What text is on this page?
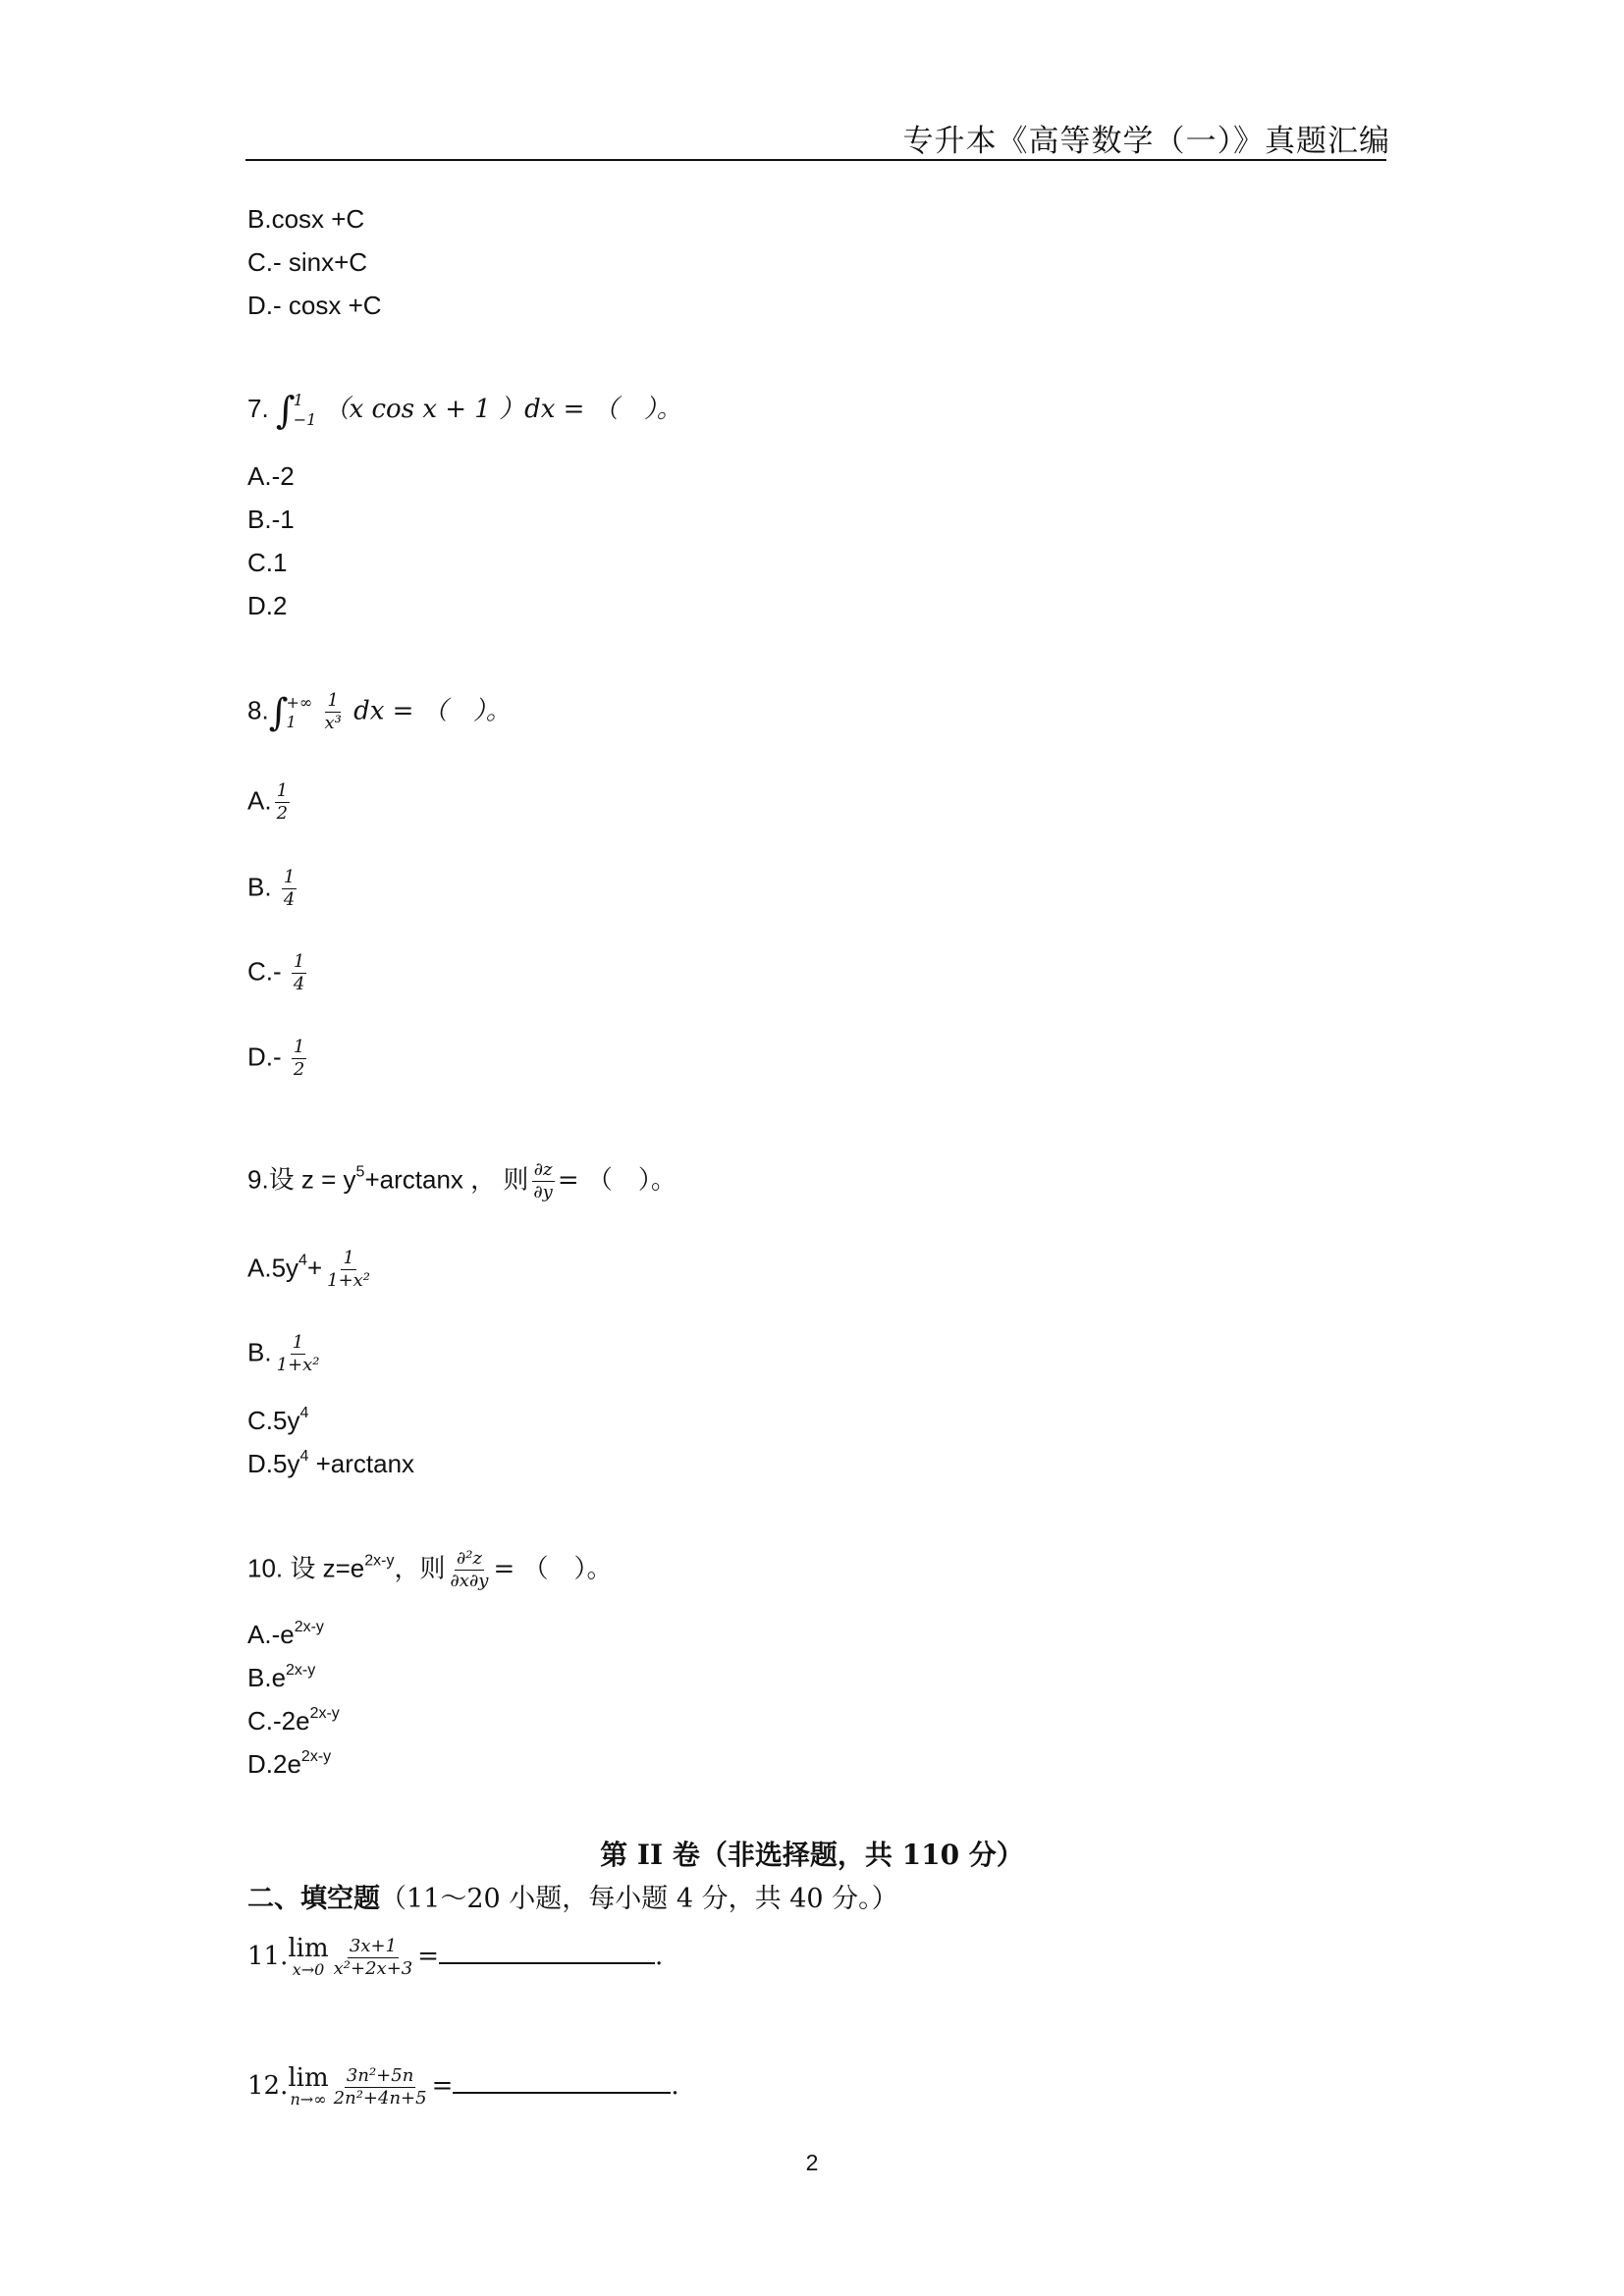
专升本《高等数学（一）》真题汇编
B.cosx +C
C.- sinx+C
D.- cosx +C
7. ∫
1
−1 （x cos x + 1 ）dx = （　）。
A.-2
B.-1
C.1
D.2
8.∫
+∞
1
	$\frac{1}{\text{x³}}$ dx = （　）。
A. $\frac{1}{2}$
B. $\frac{1}{4}$
$C.- \frac{1}{4}$
$D.- \frac{1}{2}$
9.设 $z = y^5+\arctan x$ ， 则 $\frac{\partial z}{\partial y}$ = （　）。
$A.5y^4+ \frac{1}{\text{1+x²}}$
B. $\frac{1}{\text{1+x²}}$
$C.5y^4$
$D.5y^4 +\arctan x$
10. 设 $z=e^{2x-y}$，则 $\frac{\text{∂²z}}{\partial x\partial y}$ = （　）。
$A.-e^{2x-y}$
$B.e^{2x-y}$
$C.-2e^{2x-y}$
$D.2e^{2x-y}$
第 II 卷（非选择题，共 110 分）
二、填空题（11～20 小题，每小题 4 分，共 40 分。）
11. lim
$x\to 0 \frac{3x+1}{\text{x²+2x+3}}$ =	.
12. lim
$n\to\infty \frac{\text{3n²+5n}}{\text{2n²+4n+5}}$ =	.
2
